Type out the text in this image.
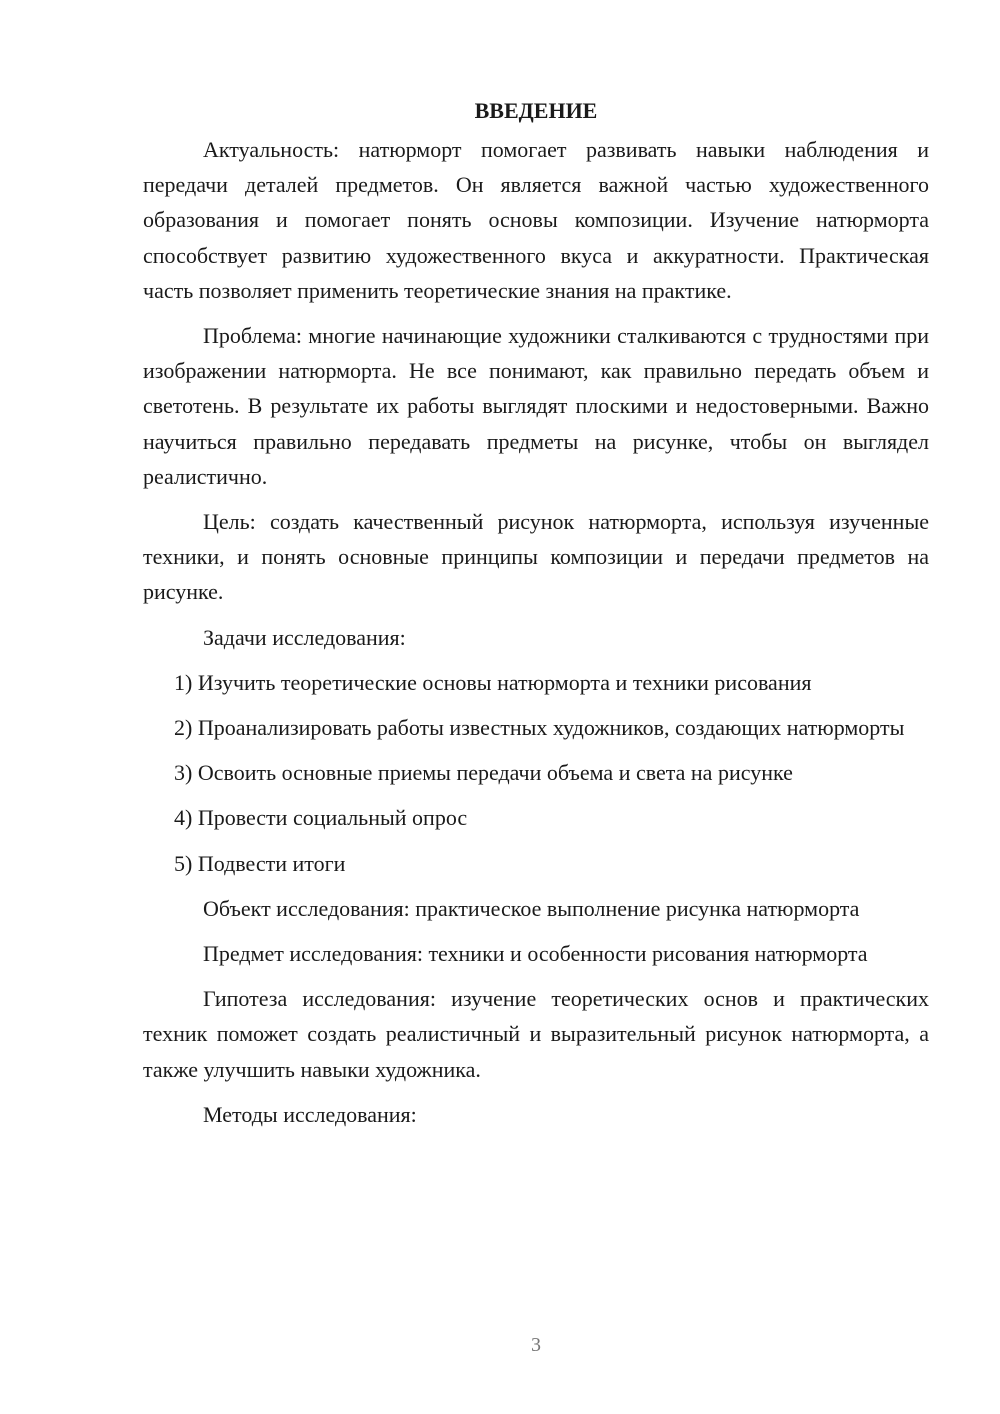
ВВЕДЕНИЕ

Актуальность: натюрморт помогает развивать навыки наблюдения и передачи деталей предметов. Он является важной частью художественного образования и помогает понять основы композиции. Изучение натюрморта способствует развитию художественного вкуса и аккуратности. Практическая часть позволяет применить теоретические знания на практике.

Проблема: многие начинающие художники сталкиваются с трудностями при изображении натюрморта. Не все понимают, как правильно передать объем и светотень. В результате их работы выглядят плоскими и недостоверными. Важно научиться правильно передавать предметы на рисунке, чтобы он выглядел реалистично.

Цель: создать качественный рисунок натюрморта, используя изученные техники, и понять основные принципы композиции и передачи предметов на рисунке.

Задачи исследования:

1) Изучить теоретические основы натюрморта и техники рисования

2) Проанализировать работы известных художников, создающих натюрморты

3) Освоить основные приемы передачи объема и света на рисунке

4) Провести социальный опрос

5) Подвести итоги

Объект исследования: практическое выполнение рисунка натюрморта

Предмет исследования: техники и особенности рисования натюрморта

Гипотеза исследования: изучение теоретических основ и практических техник поможет создать реалистичный и выразительный рисунок натюрморта, а также улучшить навыки художника.

Методы исследования:

3
